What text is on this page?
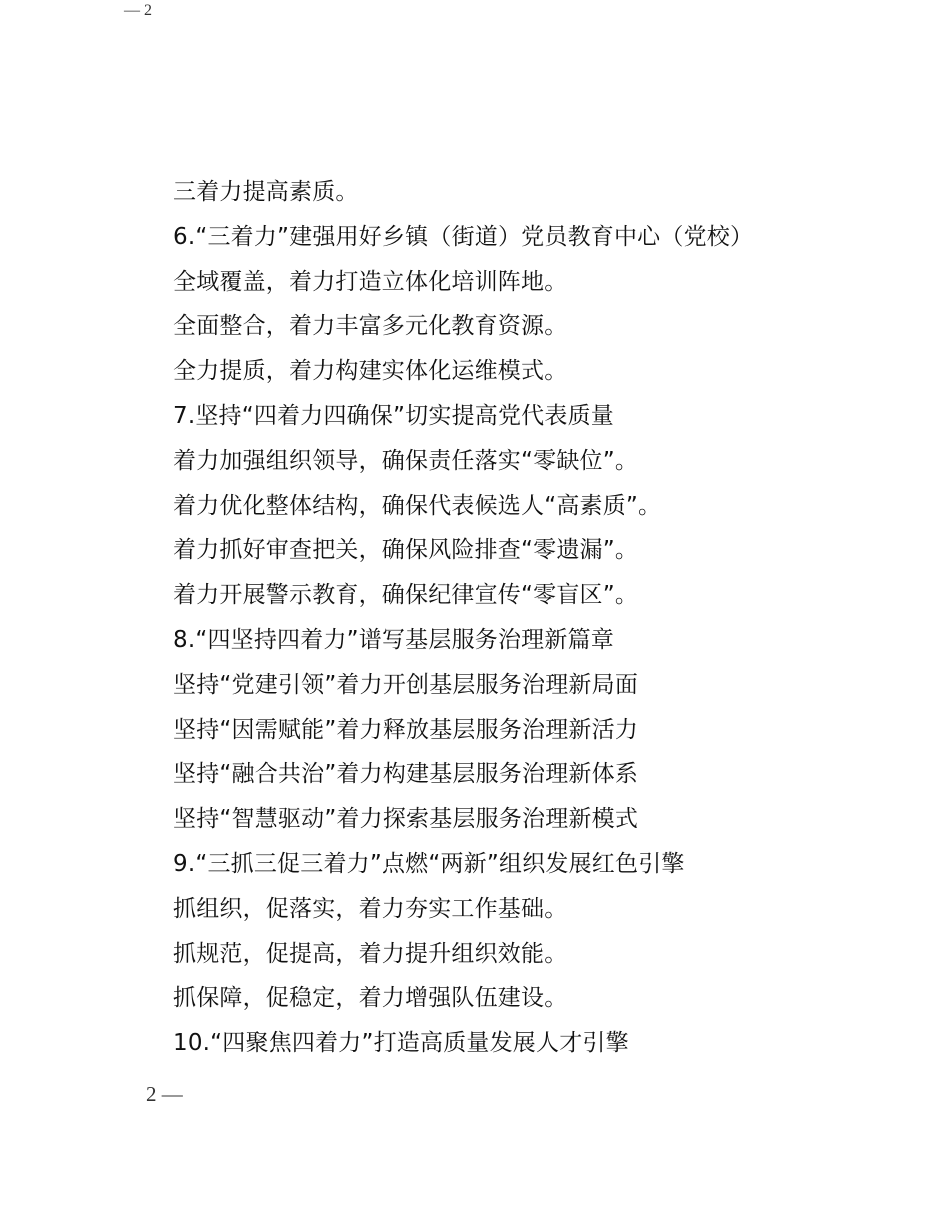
— 2
三着力提高素质。
6.“三着力”建强用好乡镇（街道）党员教育中心（党校）
全域覆盖，着力打造立体化培训阵地。
全面整合，着力丰富多元化教育资源。
全力提质，着力构建实体化运维模式。
7.坚持“四着力四确保”切实提高党代表质量
着力加强组织领导，确保责任落实“零缺位”。
着力优化整体结构，确保代表候选人“高素质”。
着力抓好审查把关，确保风险排查“零遗漏”。
着力开展警示教育，确保纪律宣传“零盲区”。
8.“四坚持四着力”谱写基层服务治理新篇章
坚持“党建引领”着力开创基层服务治理新局面
坚持“因需赋能”着力释放基层服务治理新活力
坚持“融合共治”着力构建基层服务治理新体系
坚持“智慧驱动”着力探索基层服务治理新模式
9.“三抓三促三着力”点燃“两新”组织发展红色引擎
抓组织，促落实，着力夯实工作基础。
抓规范，促提高，着力提升组织效能。
抓保障，促稳定，着力增强队伍建设。
10.“四聚焦四着力”打造高质量发展人才引擎
2 —
